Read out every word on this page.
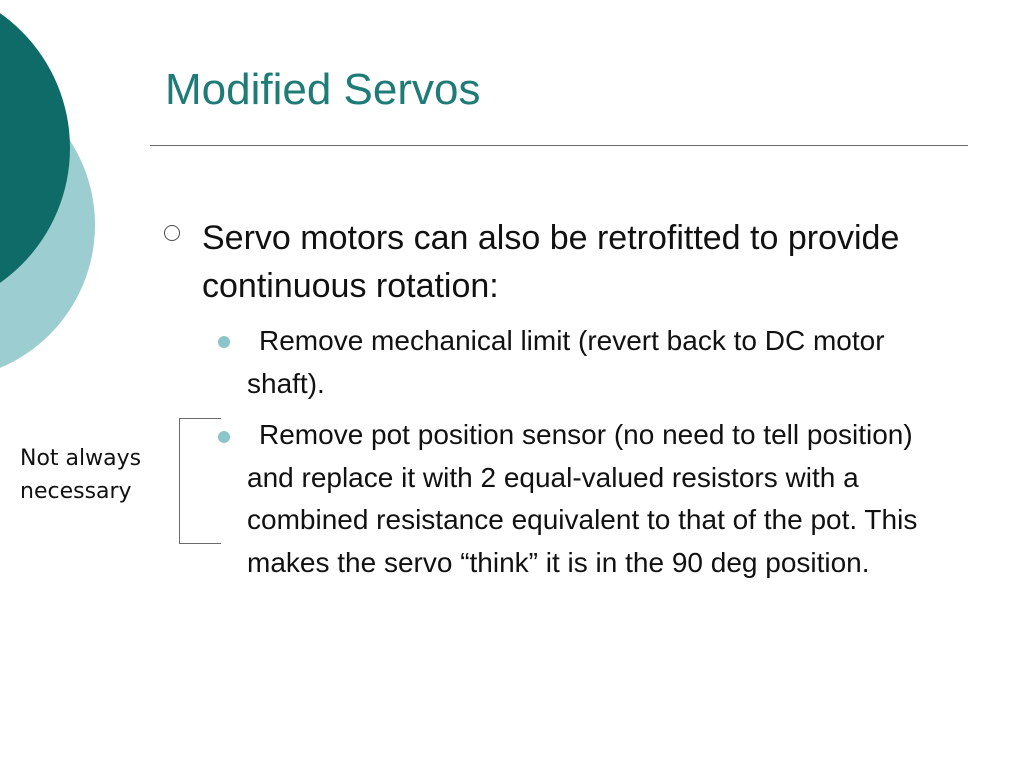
Modified Servos
Servo motors can also be retrofitted to provide continuous rotation:
Remove mechanical limit (revert back to DC motor shaft).
Remove pot position sensor (no need to tell position) and replace it with 2 equal-valued resistors with a combined resistance equivalent to that of the pot. This makes the servo “think” it is in the 90 deg position.
Not always necessary
